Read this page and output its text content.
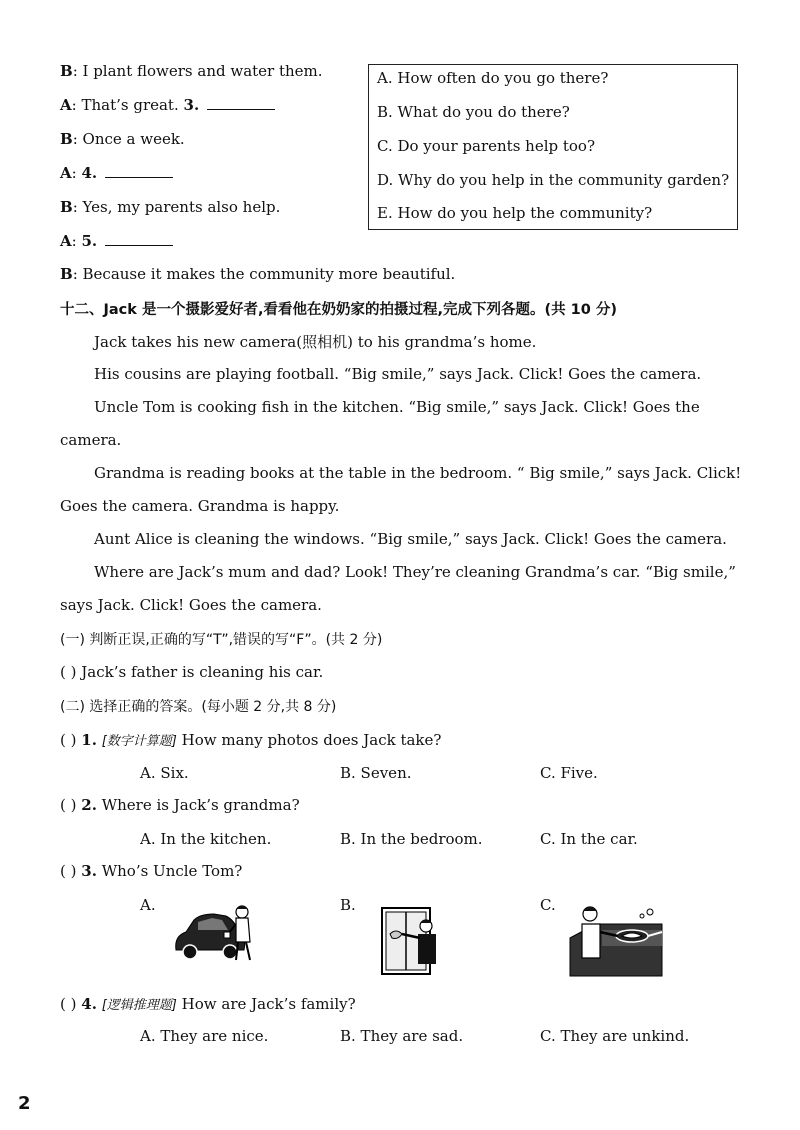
B: I plant flowers and water them.
A: That’s great. 3.
B: Once a week.
A: 4.
B: Yes, my parents also help.
A: 5.
B: Because it makes the community more beautiful.
A. How often do you go there?
B. What do you do there?
C. Do your parents help too?
D. Why do you help in the community garden?
E. How do you help the community?
十二、Jack 是一个摄影爱好者,看看他在奶奶家的拍摄过程,完成下列各题。(共 10 分)
Jack takes his new camera(照相机) to his grandma’s home.
His cousins are playing football. “Big smile,” says Jack. Click! Goes the camera.
Uncle Tom is cooking fish in the kitchen. “Big smile,” says Jack. Click! Goes the
camera.
Grandma is reading books at the table in the bedroom. “ Big smile,” says Jack. Click!
Goes the camera. Grandma is happy.
Aunt Alice is cleaning the windows. “Big smile,” says Jack. Click! Goes the camera.
Where are Jack’s mum and dad? Look! They’re cleaning Grandma’s car. “Big smile,”
says Jack. Click! Goes the camera.
(一) 判断正误,正确的写“T”,错误的写“F”。(共 2 分)
( ) Jack’s father is cleaning his car.
(二) 选择正确的答案。(每小题 2 分,共 8 分)
( ) 1. [数字计算题] How many photos does Jack take?
A. Six.	B. Seven.	C. Five.
( ) 2. Where is Jack’s grandma?
A. In the kitchen.	B. In the bedroom.	C. In the car.
( ) 3. Who’s Uncle Tom?
A.	B.	C.
( ) 4. [逻辑推理题] How are Jack’s family?
A. They are nice.	B. They are sad.	C. They are unkind.
2
